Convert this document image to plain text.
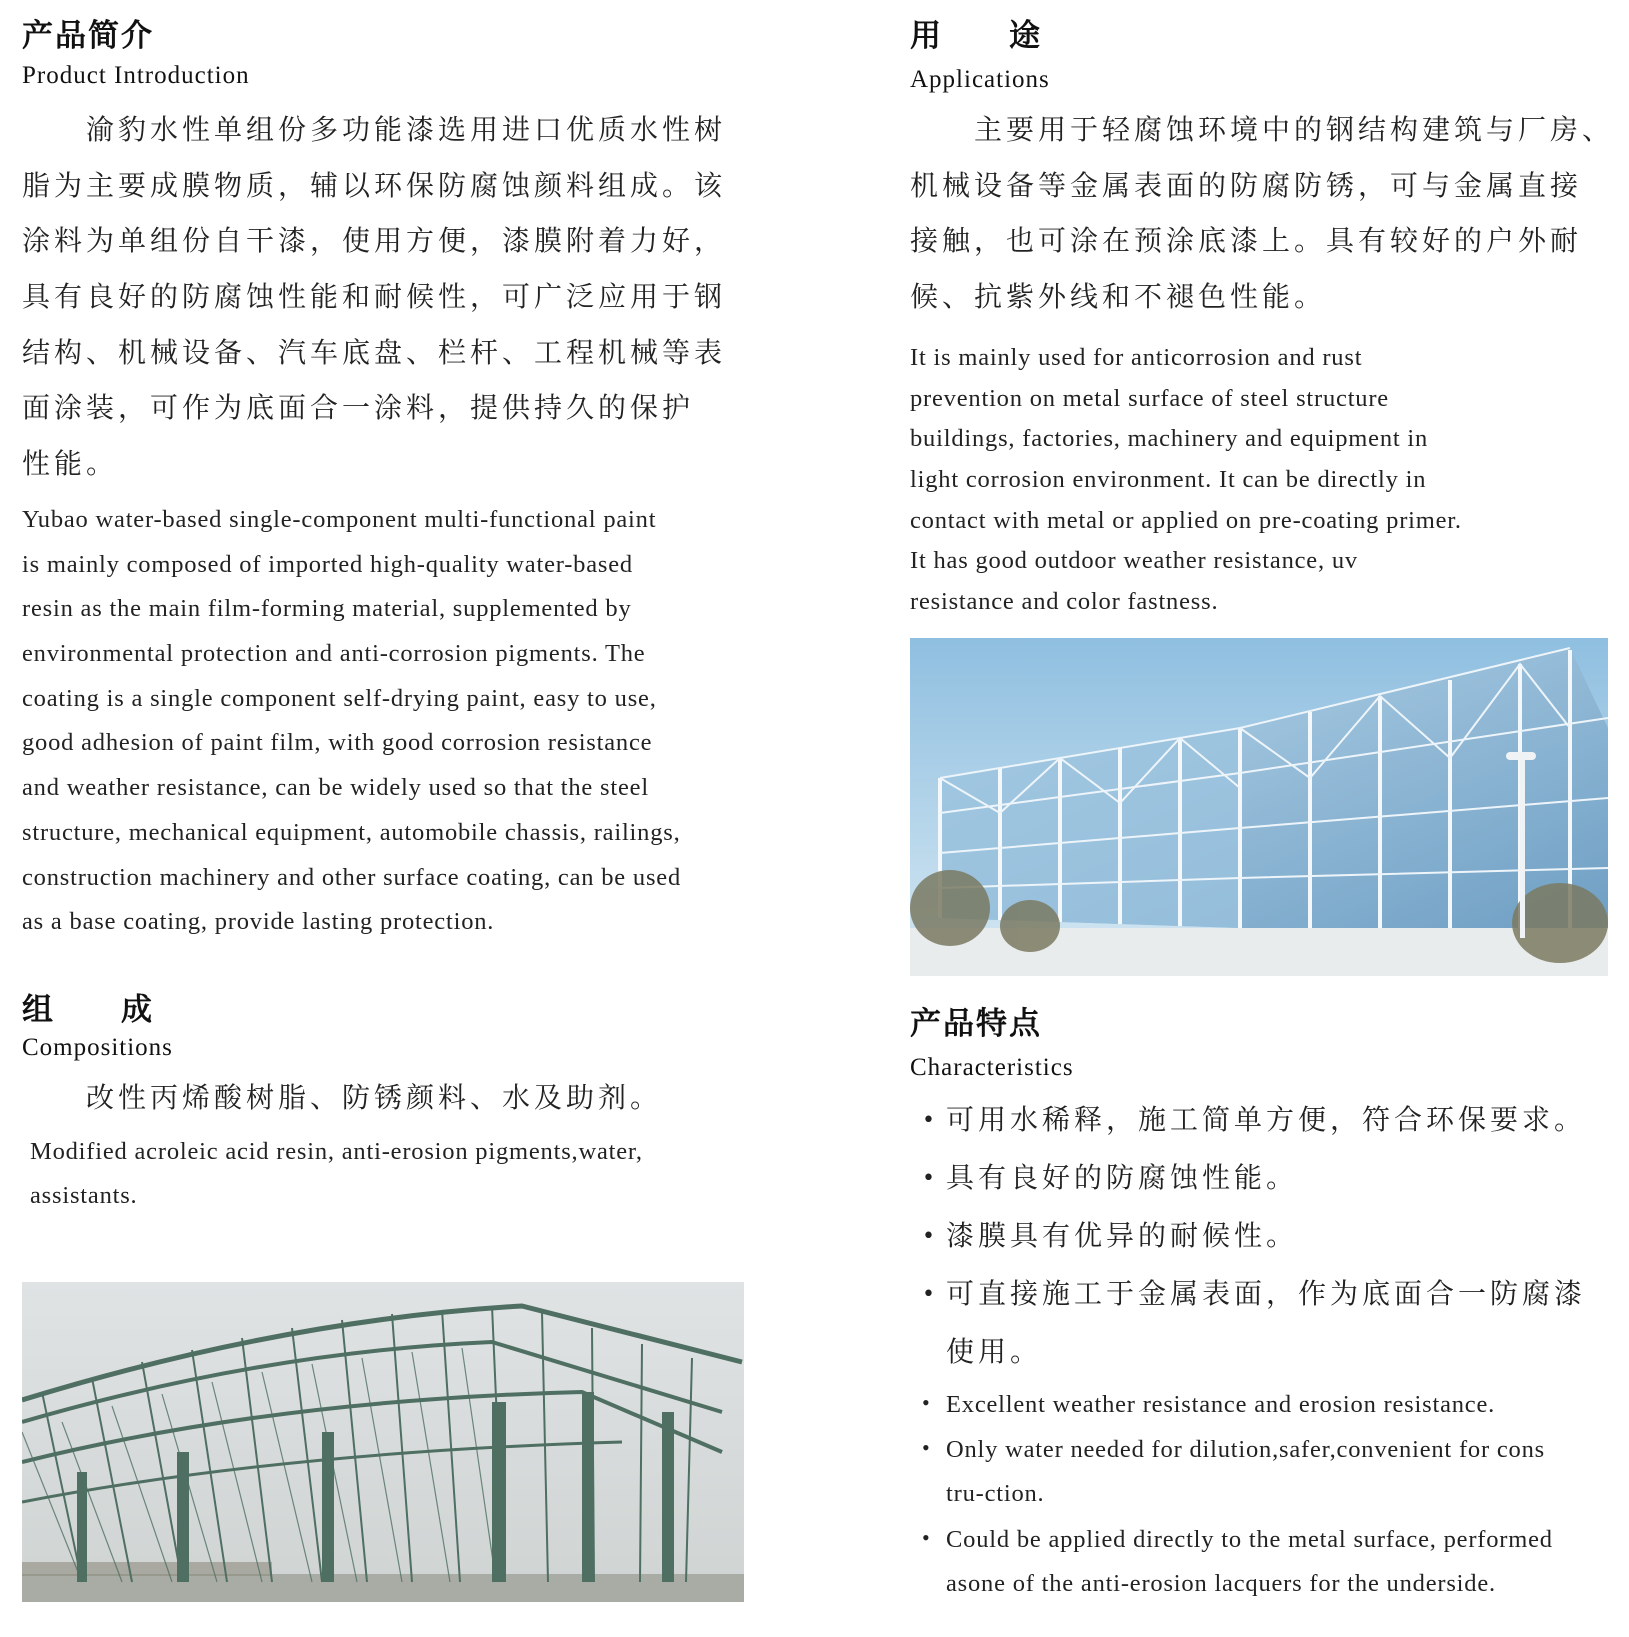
产品简介
Product Introduction
　　渝豹水性单组份多功能漆选用进口优质水性树
脂为主要成膜物质，辅以环保防腐蚀颜料组成。该
涂料为单组份自干漆，使用方便，漆膜附着力好，
具有良好的防腐蚀性能和耐候性，可广泛应用于钢
结构、机械设备、汽车底盘、栏杆、工程机械等表
面涂装，可作为底面合一涂料，提供持久的保护
性能。
Yubao water-based single-component multi-functional paint
is mainly composed of imported high-quality water-based
resin as the main film-forming material, supplemented by
environmental protection and anti-corrosion pigments. The
coating is a single component self-drying paint, easy to use,
good adhesion of paint film, with good corrosion resistance
and weather resistance, can be widely used so that the steel
structure, mechanical equipment, automobile chassis, railings,
construction machinery and other surface coating, can be used
as a base coating, provide lasting protection.
组　　成
Compositions
　　改性丙烯酸树脂、防锈颜料、水及助剂。
Modified acroleic acid resin, anti-erosion pigments,water,
assistants.
用　　途
Applications
　　主要用于轻腐蚀环境中的钢结构建筑与厂房、
机械设备等金属表面的防腐防锈，可与金属直接
接触，也可涂在预涂底漆上。具有较好的户外耐
候、抗紫外线和不褪色性能。
It is mainly used for anticorrosion and rust
prevention on metal surface of steel structure
buildings, factories, machinery and equipment in
light corrosion environment. It can be directly in
contact with metal or applied on pre-coating primer.
It has good outdoor weather resistance, uv
resistance and color fastness.
产品特点
Characteristics
• 可用水稀释，施工简单方便，符合环保要求。
• 具有良好的防腐蚀性能。
• 漆膜具有优异的耐候性。
• 可直接施工于金属表面，作为底面合一防腐漆
使用。
• Excellent weather resistance and erosion resistance.
• Only water needed for dilution,safer,convenient for cons
tru-ction.
• Could be applied directly to the metal surface, performed
asone of the anti-erosion lacquers for the underside.
